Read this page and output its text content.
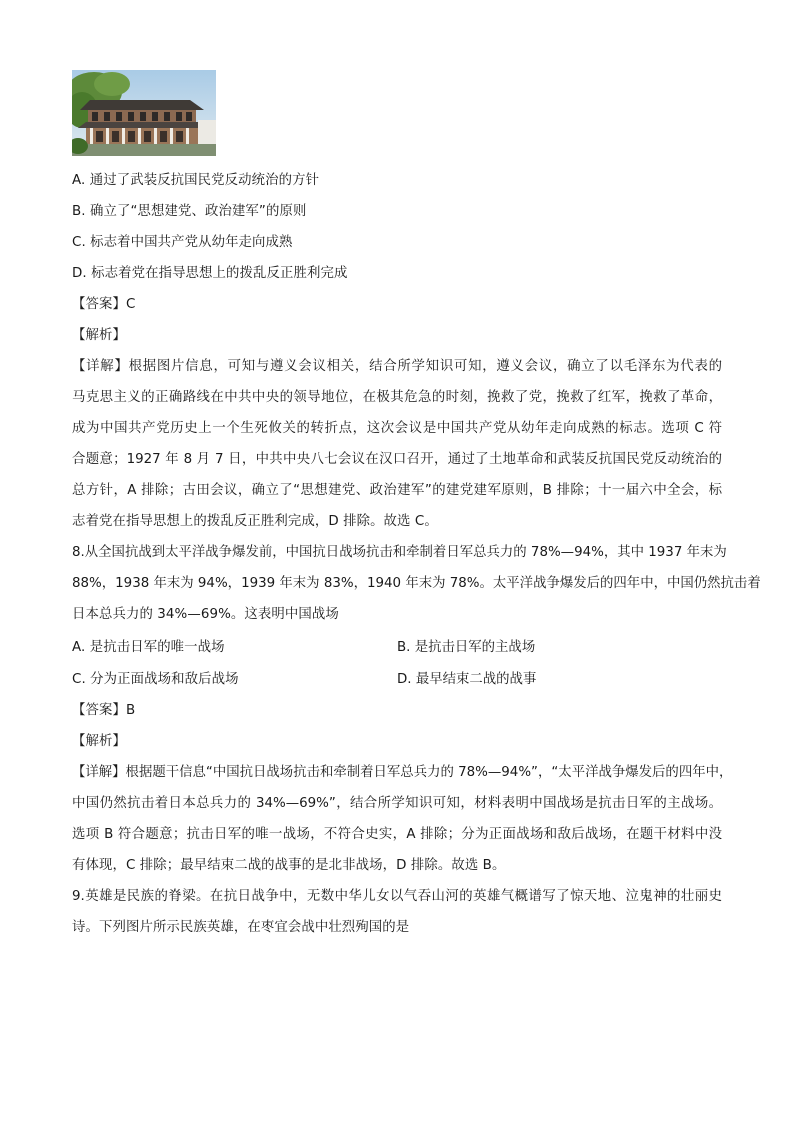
A. 通过了武装反抗国民党反动统治的方针
B. 确立了“思想建党、政治建军”的原则
C. 标志着中国共产党从幼年走向成熟
D. 标志着党在指导思想上的拨乱反正胜利完成
【答案】C
【解析】
【详解】根据图片信息，可知与遵义会议相关，结合所学知识可知，遵义会议，确立了以毛泽东为代表的
马克思主义的正确路线在中共中央的领导地位，在极其危急的时刻，挽救了党，挽救了红军，挽救了革命，
成为中国共产党历史上一个生死攸关的转折点，这次会议是中国共产党从幼年走向成熟的标志。选项 C 符
合题意；1927 年 8 月 7 日，中共中央八七会议在汉口召开，通过了土地革命和武装反抗国民党反动统治的
总方针，A 排除；古田会议，确立了“思想建党、政治建军”的建党建军原则，B 排除；十一届六中全会，标
志着党在指导思想上的拨乱反正胜利完成，D 排除。故选 C。
8.从全国抗战到太平洋战争爆发前，中国抗日战场抗击和牵制着日军总兵力的 78%—94%，其中 1937 年末为
88%，1938 年末为 94%，1939 年末为 83%，1940 年末为 78%。太平洋战争爆发后的四年中，中国仍然抗击着
日本总兵力的 34%—69%。这表明中国战场
A. 是抗击日军的唯一战场	B. 是抗击日军的主战场
C. 分为正面战场和敌后战场	D. 最早结束二战的战事
【答案】B
【解析】
【详解】根据题干信息“中国抗日战场抗击和牵制着日军总兵力的 78%—94%”，“太平洋战争爆发后的四年中，
中国仍然抗击着日本总兵力的 34%—69%”，结合所学知识可知，材料表明中国战场是抗击日军的主战场。
选项 B 符合题意；抗击日军的唯一战场，不符合史实，A 排除；分为正面战场和敌后战场，在题干材料中没
有体现，C 排除；最早结束二战的战事的是北非战场，D 排除。故选 B。
9.英雄是民族的脊梁。在抗日战争中，无数中华儿女以气吞山河的英雄气概谱写了惊天地、泣鬼神的壮丽史
诗。下列图片所示民族英雄，在枣宜会战中壮烈殉国的是
